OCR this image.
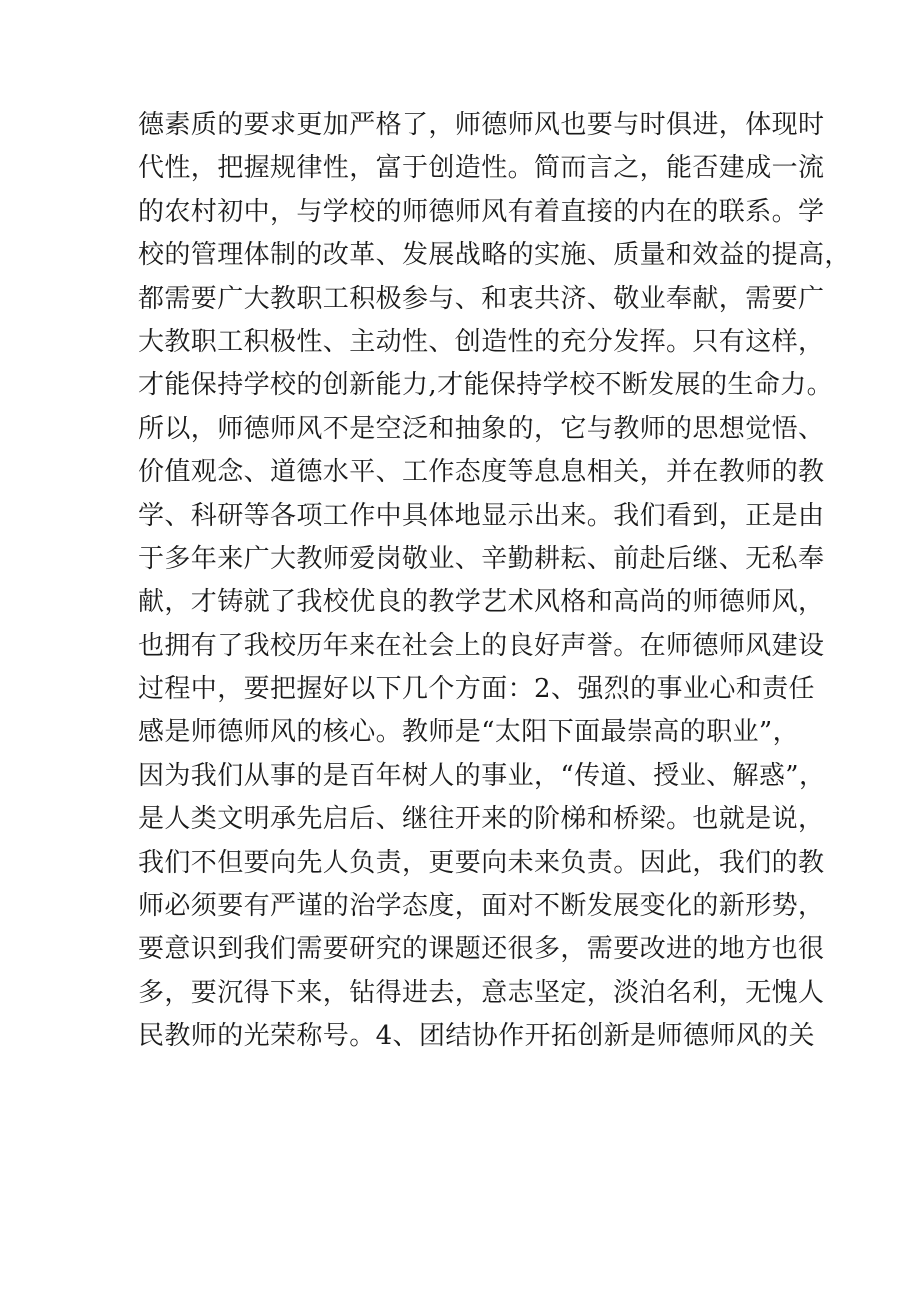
德素质的要求更加严格了，师德师风也要与时俱进，体现时
代性，把握规律性，富于创造性。简而言之，能否建成一流
的农村初中，与学校的师德师风有着直接的内在的联系。学
校的管理体制的改革、发展战略的实施、质量和效益的提高，
都需要广大教职工积极参与、和衷共济、敬业奉献，需要广
大教职工积极性、主动性、创造性的充分发挥。只有这样，
才能保持学校的创新能力,才能保持学校不断发展的生命力。
所以，师德师风不是空泛和抽象的，它与教师的思想觉悟、
价值观念、道德水平、工作态度等息息相关，并在教师的教
学、科研等各项工作中具体地显示出来。我们看到，正是由
于多年来广大教师爱岗敬业、辛勤耕耘、前赴后继、无私奉
献，才铸就了我校优良的教学艺术风格和高尚的师德师风，
也拥有了我校历年来在社会上的良好声誉。在师德师风建设
过程中，要把握好以下几个方面：2、强烈的事业心和责任
感是师德师风的核心。教师是“太阳下面最崇高的职业”，
因为我们从事的是百年树人的事业，“传道、授业、解惑”，
是人类文明承先启后、继往开来的阶梯和桥梁。也就是说，
我们不但要向先人负责，更要向未来负责。因此，我们的教
师必须要有严谨的治学态度，面对不断发展变化的新形势，
要意识到我们需要研究的课题还很多，需要改进的地方也很
多，要沉得下来，钻得进去，意志坚定，淡泊名利，无愧人
民教师的光荣称号。4、团结协作开拓创新是师德师风的关
